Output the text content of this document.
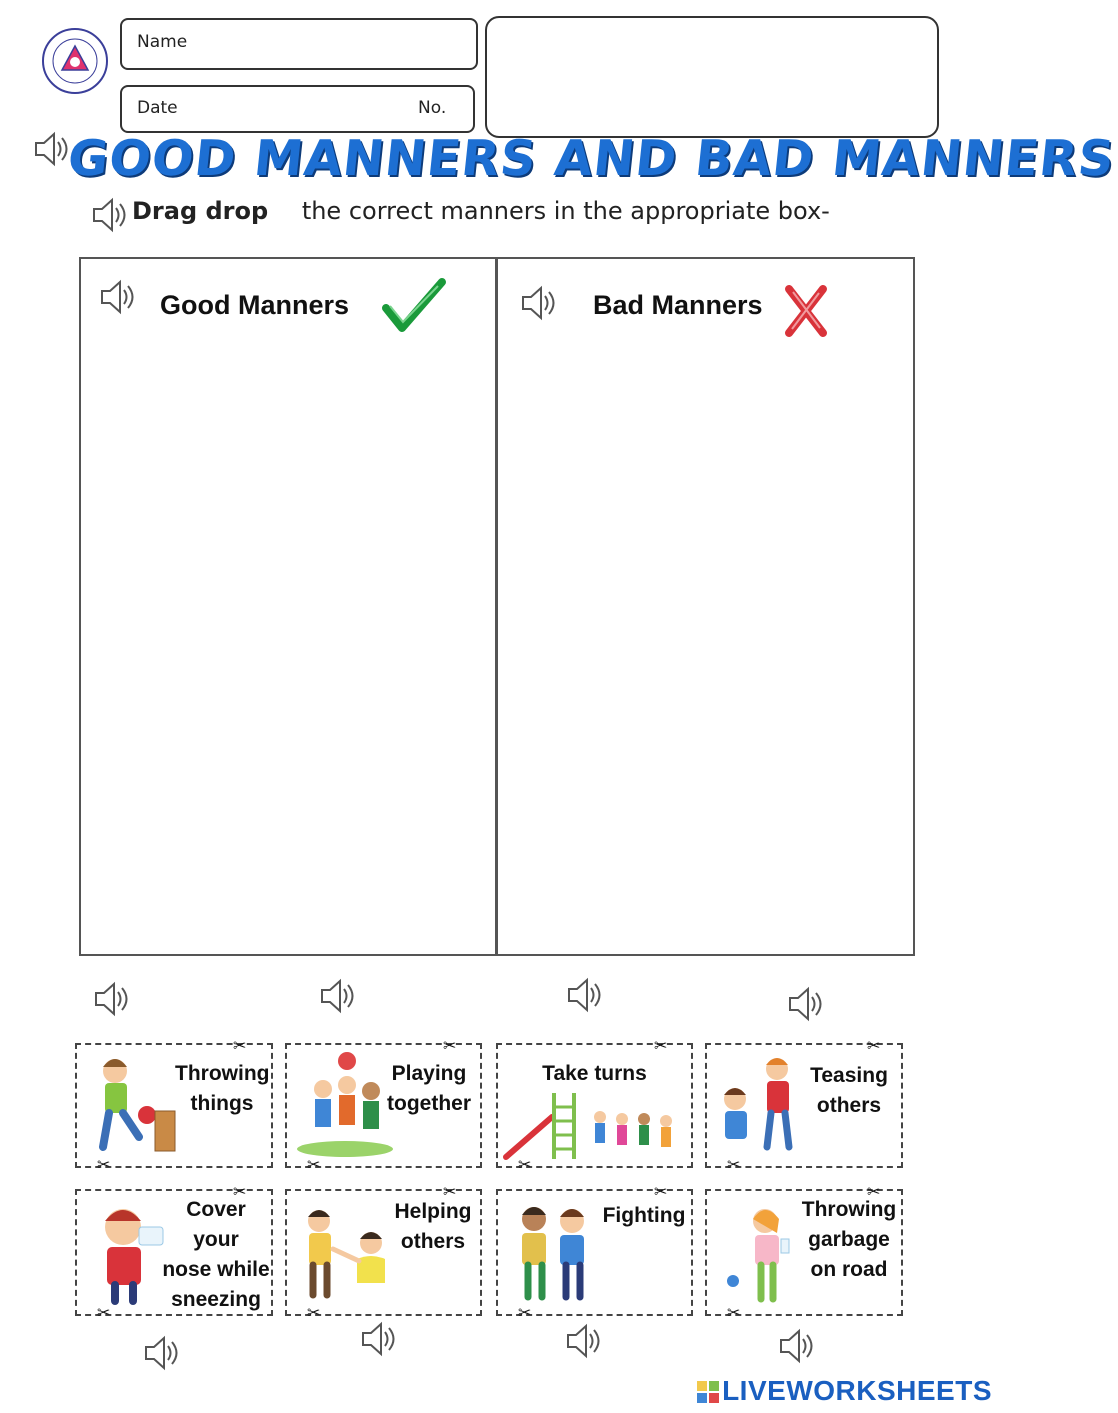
Name
Date	No.
GOOD MANNERS AND BAD MANNERS
Drag drop the correct manners in the appropriate box-
Good Manners	Bad Manners
Throwing
things
✂
✂
Playing
together
✂
✂
Take turns
✂
✂
Teasing
others
✂
✂
Cover your
nose while
sneezing
✂
✂
Helping
others
✂
✂
Fighting
✂
✂
Throwing
garbage
on road
✂
✂
LIVEWORKSHEETS
